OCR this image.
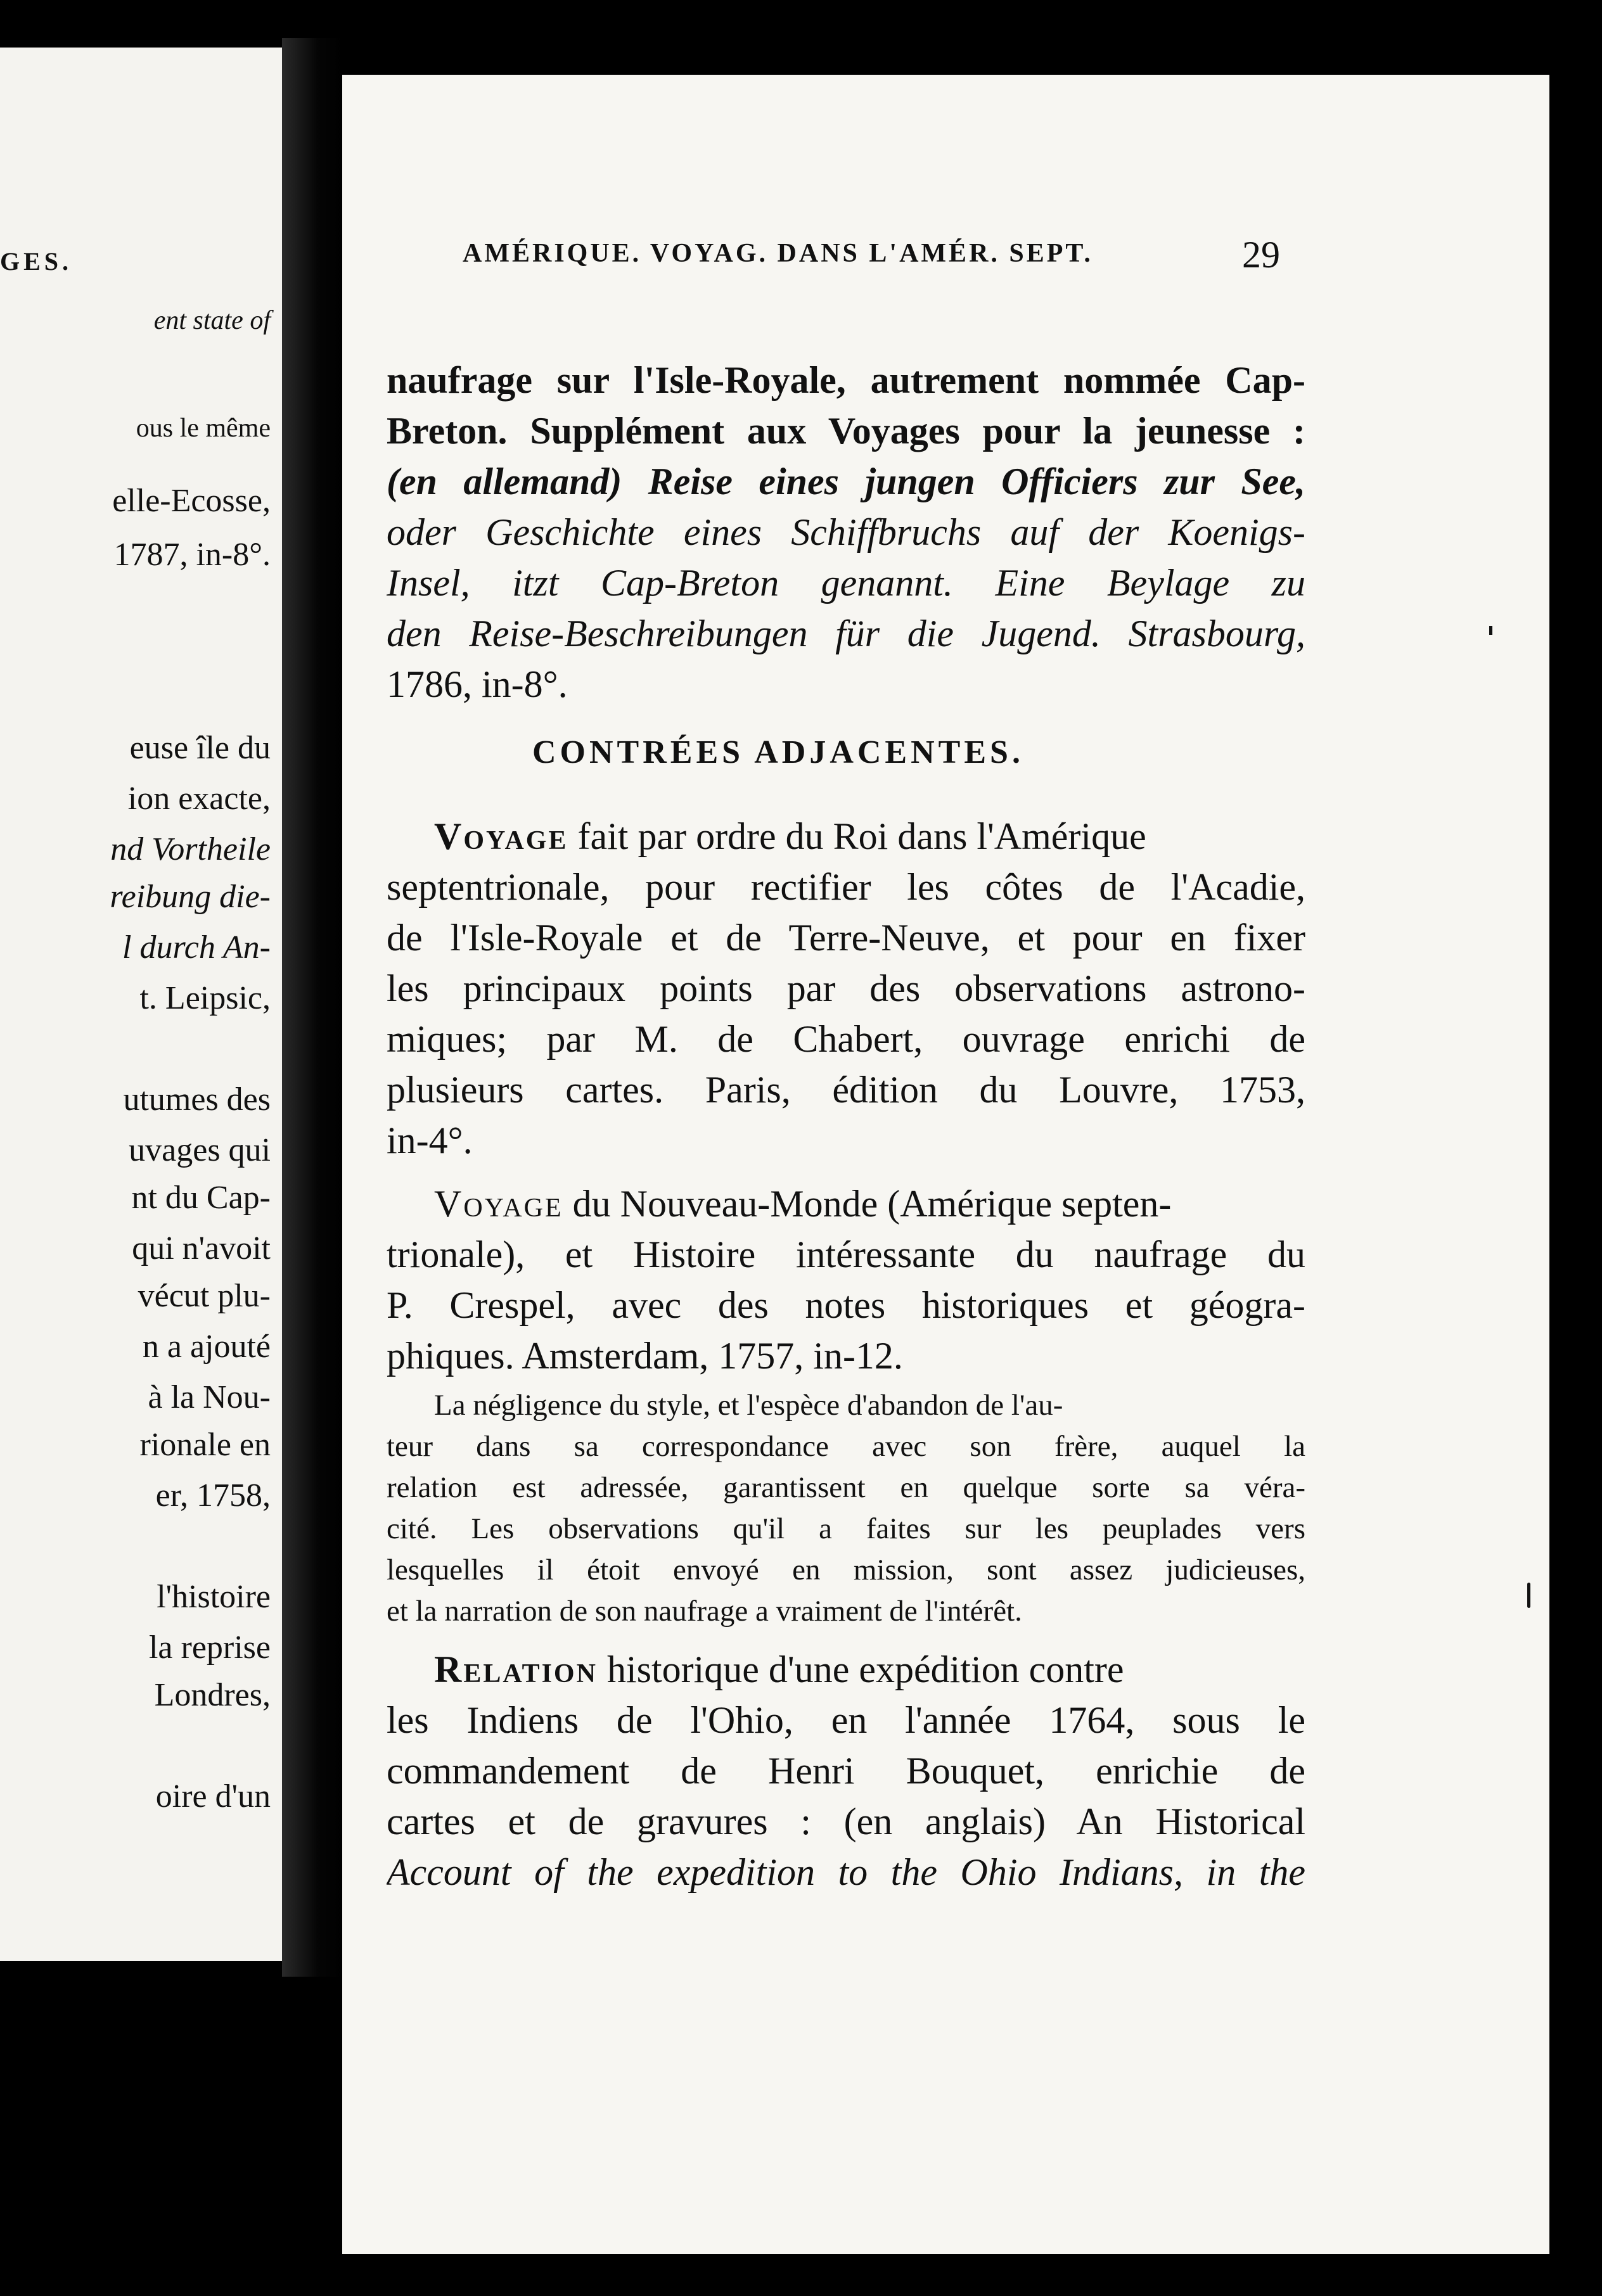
GES.
ent state of
ous le même
elle-Ecosse,
1787, in-8°.
euse île du
ion exacte,
nd Vortheile
reibung die-
l durch An-
t. Leipsic,
utumes des
uvages qui
nt du Cap-
qui n'avoit
vécut plu-
n a ajouté
à la Nou-
rionale en
er, 1758,
l'histoire
la reprise
Londres,
oire d'un
AMÉRIQUE. VOYAG. DANS L'AMÉR. SEPT.	29
naufrage sur l'Isle-Royale, autrement nommée Cap-
Breton. Supplément aux Voyages pour la jeunesse :
(en allemand) Reise eines jungen Officiers zur See,
oder Geschichte eines Schiffbruchs auf der Koenigs-
Insel, itzt Cap-Breton genannt. Eine Beylage zu
den Reise-Beschreibungen für die Jugend. Strasbourg,
1786, in-8°.
CONTRÉES ADJACENTES.
Voyage fait par ordre du Roi dans l'Amérique
septentrionale, pour rectifier les côtes de l'Acadie,
de l'Isle-Royale et de Terre-Neuve, et pour en fixer
les principaux points par des observations astrono-
miques; par M. de Chabert, ouvrage enrichi de
plusieurs cartes. Paris, édition du Louvre, 1753,
in-4°.
Voyage du Nouveau-Monde (Amérique septen-
trionale), et Histoire intéressante du naufrage du
P. Crespel, avec des notes historiques et géogra-
phiques. Amsterdam, 1757, in-12.
La négligence du style, et l'espèce d'abandon de l'au-
teur dans sa correspondance avec son frère, auquel la
relation est adressée, garantissent en quelque sorte sa véra-
cité. Les observations qu'il a faites sur les peuplades vers
lesquelles il étoit envoyé en mission, sont assez judicieuses,
et la narration de son naufrage a vraiment de l'intérêt.
Relation historique d'une expédition contre
les Indiens de l'Ohio, en l'année 1764, sous le
commandement de Henri Bouquet, enrichie de
cartes et de gravures : (en anglais) An Historical
Account of the expedition to the Ohio Indians, in the
